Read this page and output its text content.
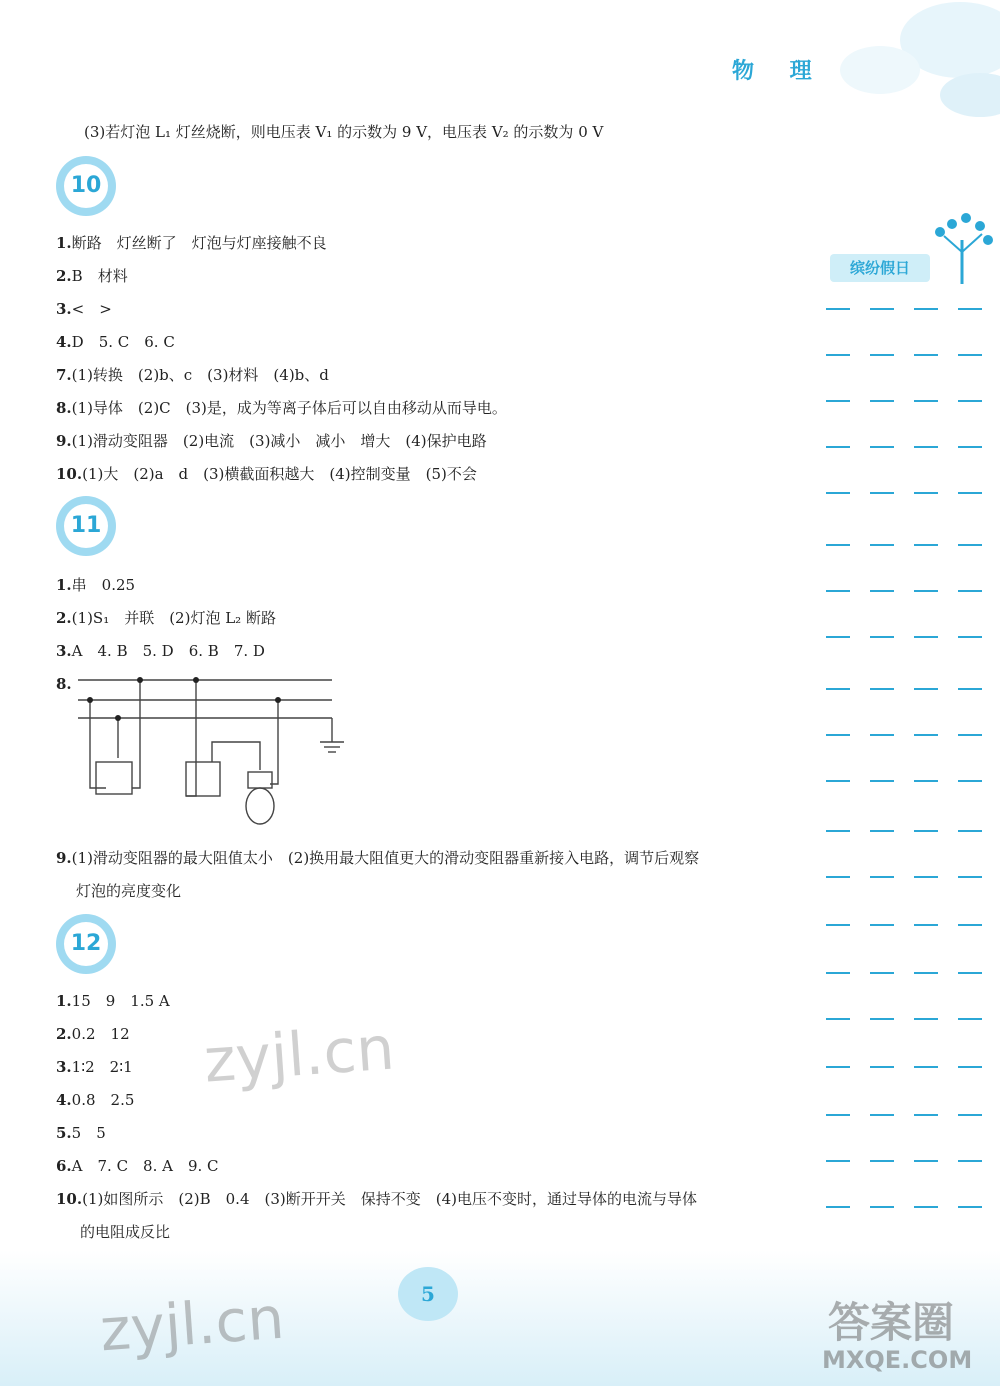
物 理
(3)若灯泡 L₁ 灯丝烧断，则电压表 V₁ 的示数为 9 V，电压表 V₂ 的示数为 0 V
10
1.断路　灯丝断了　灯泡与灯座接触不良
2.B　材料
3.<　>
4.D　5. C　6. C
7.(1)转换　(2)b、c　(3)材料　(4)b、d
8.(1)导体　(2)C　(3)是，成为等离子体后可以自由移动从而导电。
9.(1)滑动变阻器　(2)电流　(3)减小　减小　增大　(4)保护电路
10.(1)大　(2)a　d　(3)横截面积越大　(4)控制变量　(5)不会
11
1.串　0.25
2.(1)S₁　并联　(2)灯泡 L₂ 断路
3.A　4. B　5. D　6. B　7. D
8.
9.(1)滑动变阻器的最大阻值太小　(2)换用最大阻值更大的滑动变阻器重新接入电路，调节后观察
灯泡的亮度变化
12
1.15　9　1.5 A
2.0.2　12
3.1∶2　2∶1
4.0.8　2.5
5.5　5
6.A　7. C　8. A　9. C
10.(1)如图所示　(2)B　0.4　(3)断开开关　保持不变　(4)电压不变时，通过导体的电流与导体
的电阻成反比
缤纷假日
5
zyjl.cn
zyjl.cn	答案圈
MXQE.COM
